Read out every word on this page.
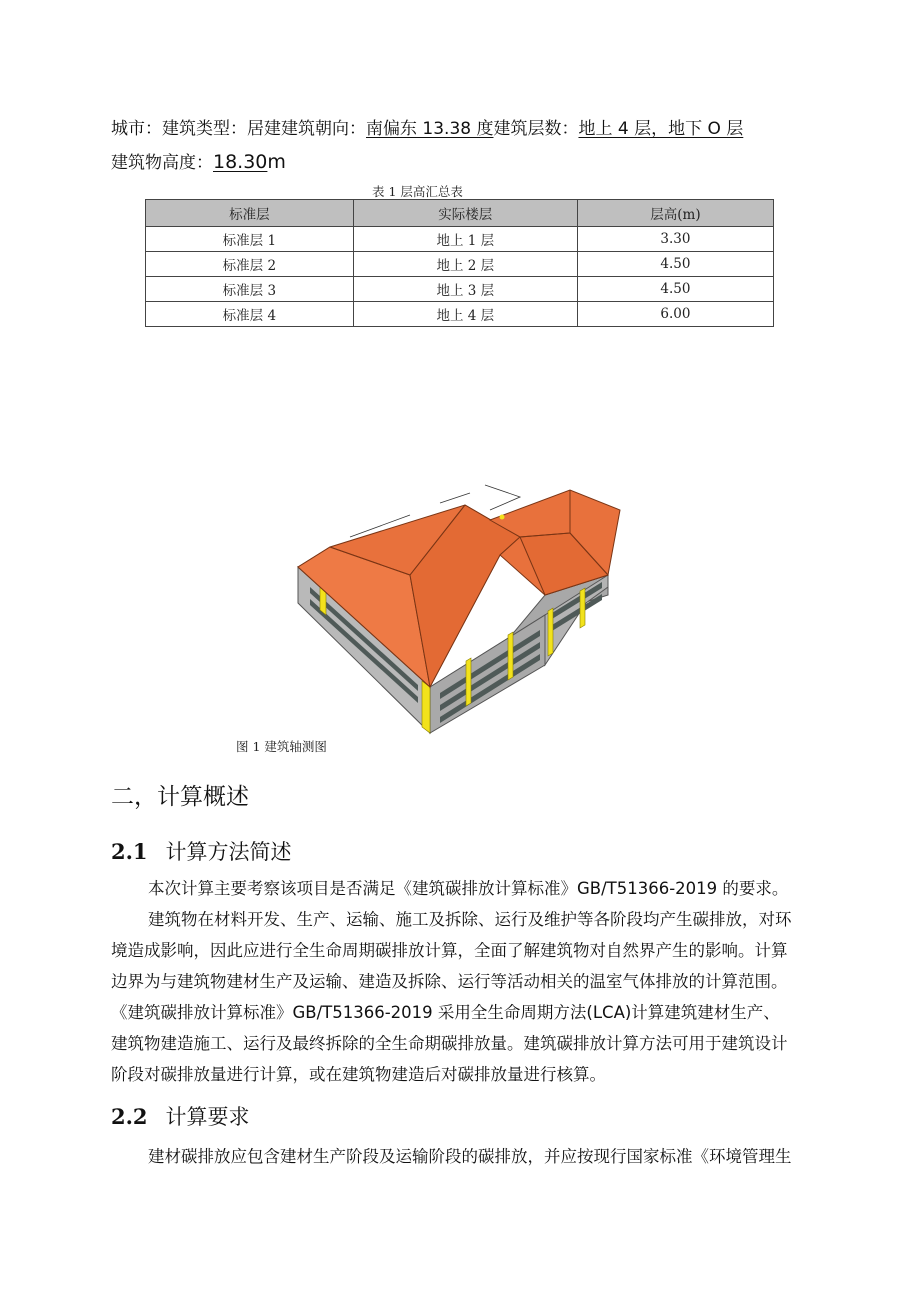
城市：建筑类型：居建建筑朝向：南偏东 13.38 度建筑层数：地上 4 层，地下 O 层
建筑物高度：18.30m
表 1 层高汇总表
标准层	实际楼层	层高(m)
标准层 1	地上 1 层	3.30
标准层 2	地上 2 层	4.50
标准层 3	地上 3 层	4.50
标准层 4	地上 4 层	6.00
图 1 建筑轴测图
二，计算概述
2.1 计算方法简述

本次计算主要考察该项目是否满足《建筑碳排放计算标准》GB/T51366-2019 的要求。

建筑物在材料开发、生产、运输、施工及拆除、运行及维护等各阶段均产生碳排放，对环

境造成影响，因此应进行全生命周期碳排放计算，全面了解建筑物对自然界产生的影响。计算

边界为与建筑物建材生产及运输、建造及拆除、运行等活动相关的温室气体排放的计算范围。

《建筑碳排放计算标准》GB/T51366-2019 采用全生命周期方法(LCA)计算建筑建材生产、

建筑物建造施工、运行及最终拆除的全生命期碳排放量。建筑碳排放计算方法可用于建筑设计

阶段对碳排放量进行计算，或在建筑物建造后对碳排放量进行核算。

2.2 计算要求

建材碳排放应包含建材生产阶段及运输阶段的碳排放，并应按现行国家标准《环境管理生
